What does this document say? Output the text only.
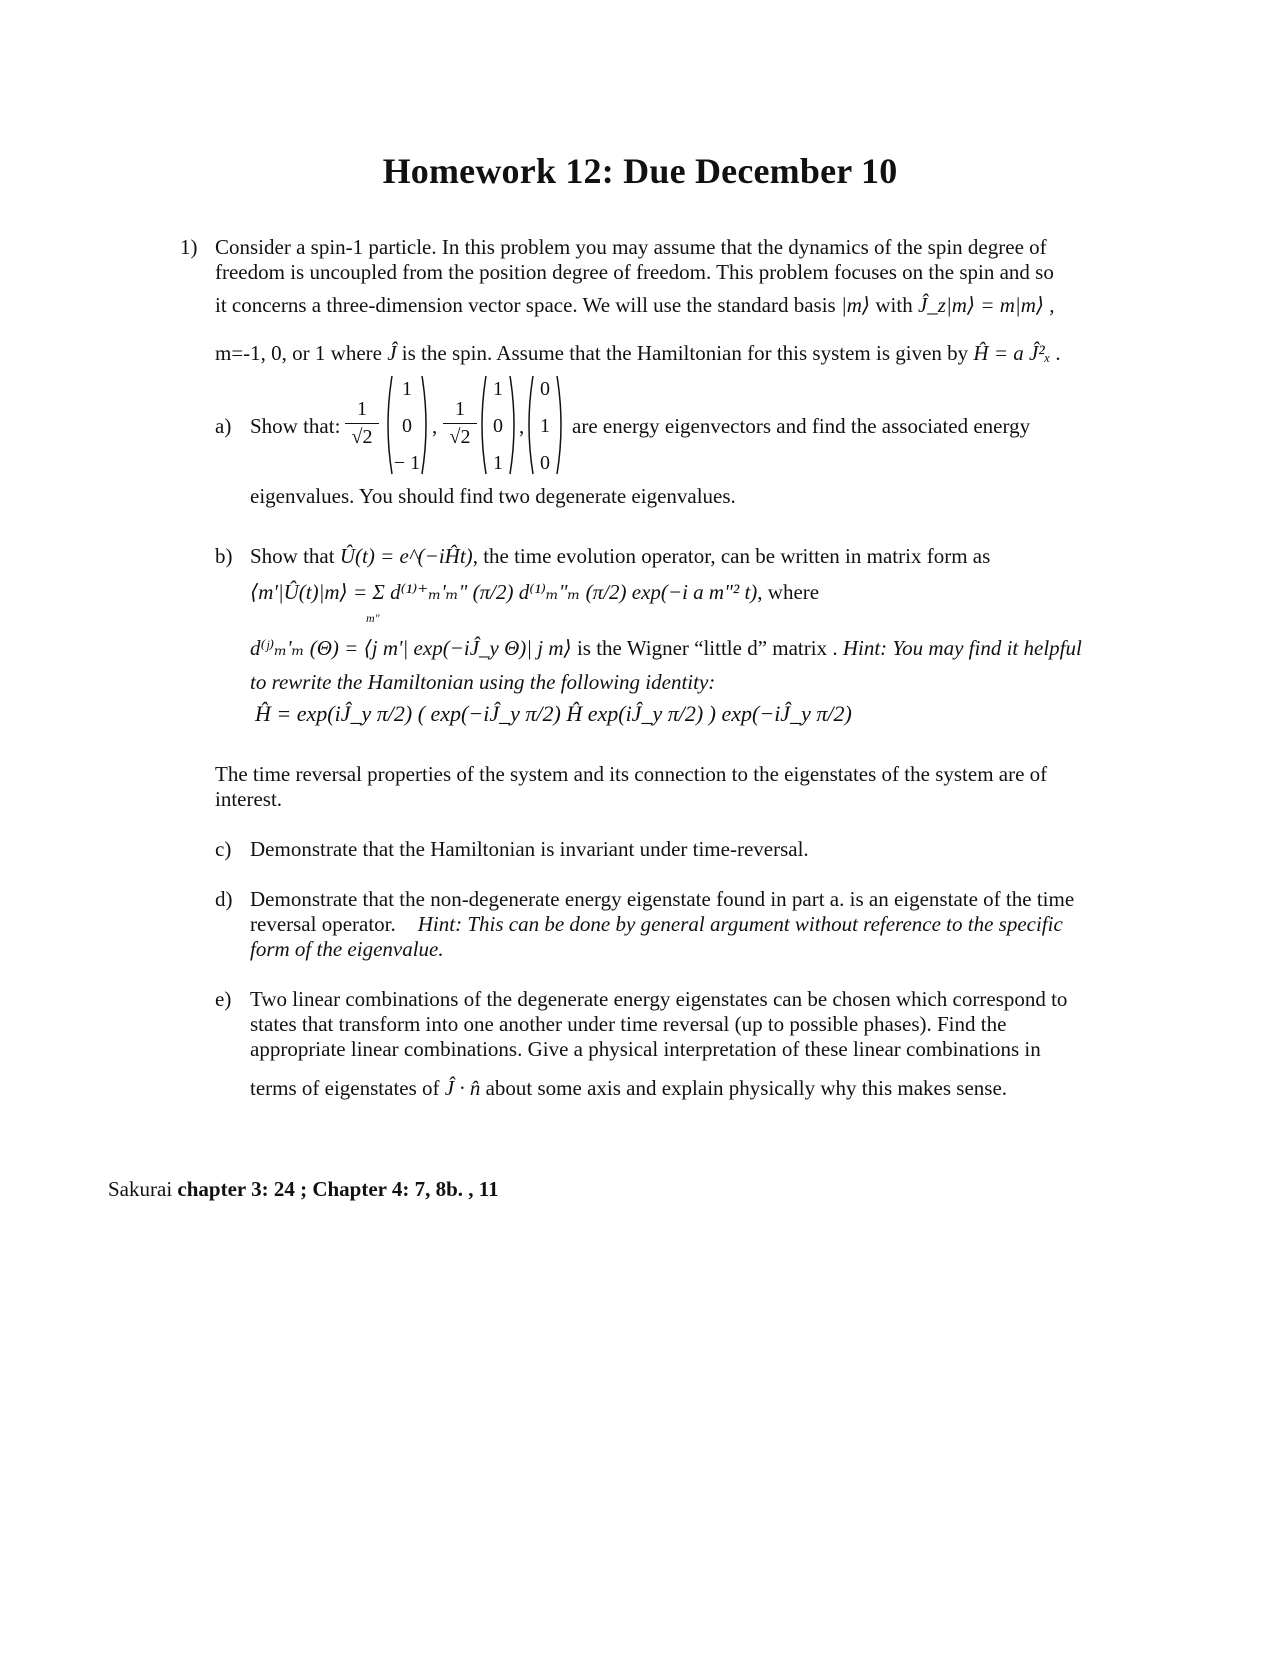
Homework 12: Due December 10
1) Consider a spin-1 particle. In this problem you may assume that the dynamics of the spin degree of
freedom is uncoupled from the position degree of freedom. This problem focuses on the spin and so
it concerns a three-dimension vector space. We will use the standard basis |m⟩ with Ĵ_z|m⟩ = m|m⟩ ,
m=-1, 0, or 1 where Ĵ is the spin. Assume that the Hamiltonian for this system is given by Ĥ = a Ĵ²ₓ .
a) Show that:
1
√2
1
0
− 1
,
1
√2
1
0
1
,
0
1
0
are energy eigenvectors and find the associated energy
eigenvalues. You should find two degenerate eigenvalues.
b) Show that Û(t) = e^(−iĤt), the time evolution operator, can be written in matrix form as
⟨m'|Û(t)|m⟩ = Σ d⁽¹⁾⁺ₘ'ₘ" (π/2) d⁽¹⁾ₘ"ₘ (π/2) exp(−i a m"² t), where
m"
d⁽ʲ⁾ₘ'ₘ (Θ) = ⟨j m'| exp(−iĴ_y Θ)| j m⟩ is the Wigner “little d” matrix . Hint: You may find it helpful
to rewrite the Hamiltonian using the following identity:
Ĥ = exp(iĴ_y π/2) ( exp(−iĴ_y π/2) Ĥ exp(iĴ_y π/2) ) exp(−iĴ_y π/2)
The time reversal properties of the system and its connection to the eigenstates of the system are of
interest.
c) Demonstrate that the Hamiltonian is invariant under time-reversal.
d) Demonstrate that the non-degenerate energy eigenstate found in part a. is an eigenstate of the time
reversal operator. Hint: This can be done by general argument without reference to the specific
form of the eigenvalue.
e) Two linear combinations of the degenerate energy eigenstates can be chosen which correspond to
states that transform into one another under time reversal (up to possible phases). Find the
appropriate linear combinations. Give a physical interpretation of these linear combinations in
terms of eigenstates of Ĵ · n̂ about some axis and explain physically why this makes sense.
Sakurai chapter 3: 24 ; Chapter 4: 7, 8b. , 11
